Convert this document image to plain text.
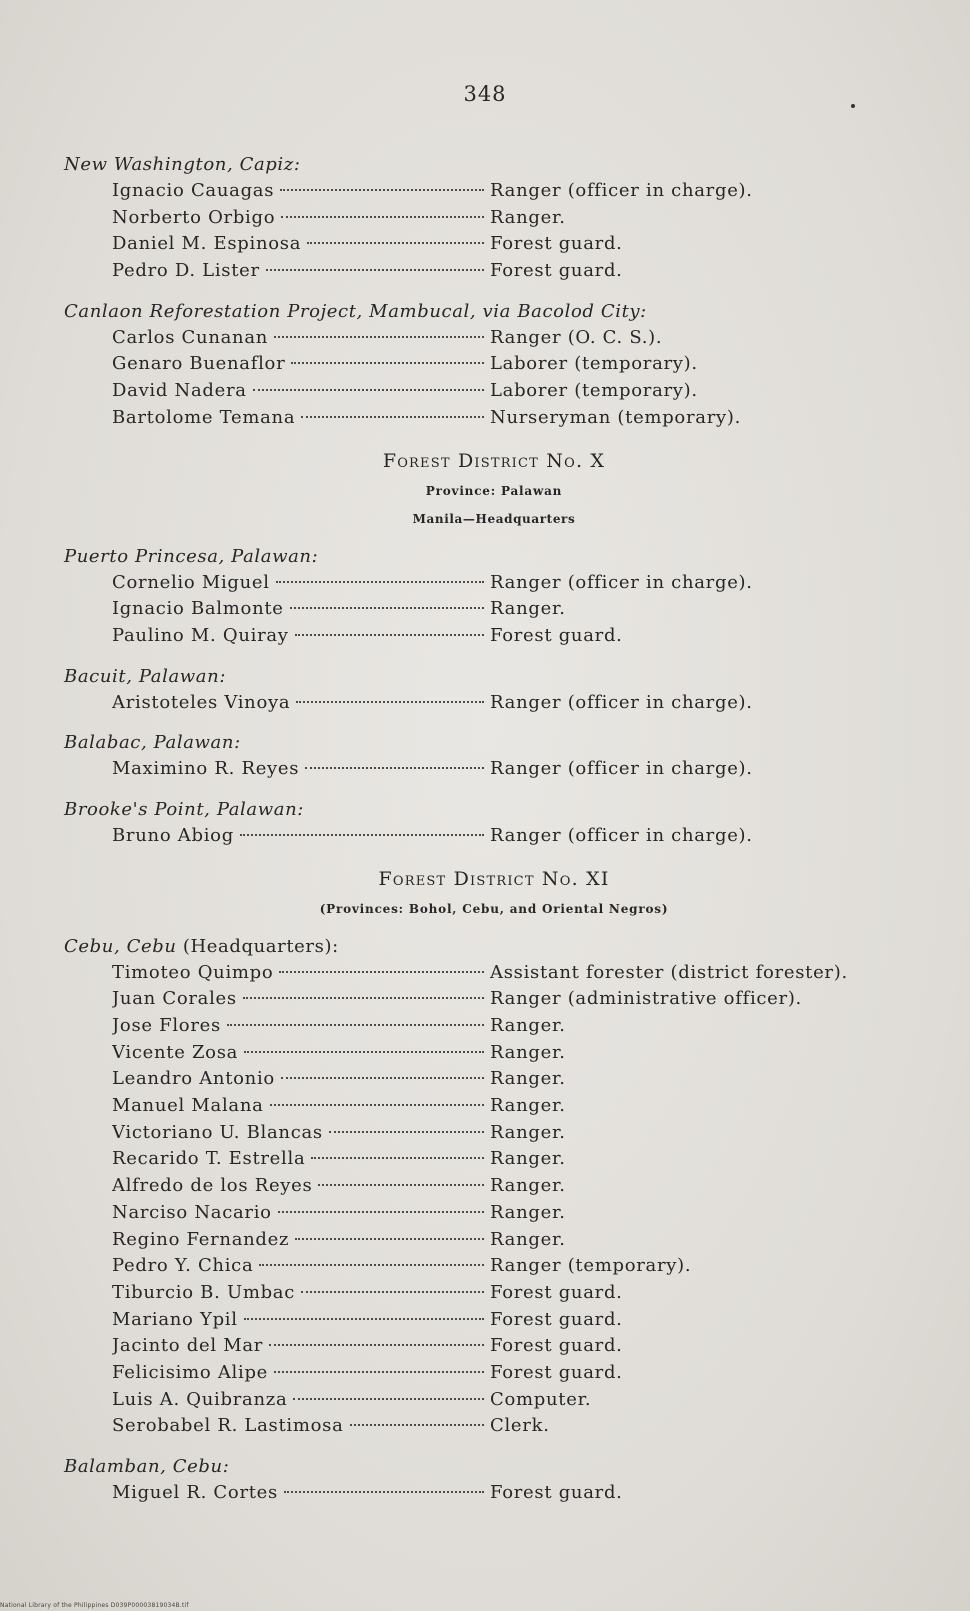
348
New Washington, Capiz:
Ignacio Cauagas	Ranger (officer in charge).
Norberto Orbigo	Ranger.
Daniel M. Espinosa	Forest guard.
Pedro D. Lister	Forest guard.
Canlaon Reforestation Project, Mambucal, via Bacolod City:
Carlos Cunanan	Ranger (O. C. S.).
Genaro Buenaflor	Laborer (temporary).
David Nadera	Laborer (temporary).
Bartolome Temana	Nurseryman (temporary).
Forest District No. X
Province: Palawan
Manila—Headquarters
Puerto Princesa, Palawan:
Cornelio Miguel	Ranger (officer in charge).
Ignacio Balmonte	Ranger.
Paulino M. Quiray	Forest guard.
Bacuit, Palawan:
Aristoteles Vinoya	Ranger (officer in charge).
Balabac, Palawan:
Maximino R. Reyes	Ranger (officer in charge).
Brooke's Point, Palawan:
Bruno Abiog	Ranger (officer in charge).
Forest District No. XI
(Provinces: Bohol, Cebu, and Oriental Negros)
Cebu, Cebu (Headquarters):
Timoteo Quimpo	Assistant forester (district forester).
Juan Corales	Ranger (administrative officer).
Jose Flores	Ranger.
Vicente Zosa	Ranger.
Leandro Antonio	Ranger.
Manuel Malana	Ranger.
Victoriano U. Blancas	Ranger.
Recarido T. Estrella	Ranger.
Alfredo de los Reyes	Ranger.
Narciso Nacario	Ranger.
Regino Fernandez	Ranger.
Pedro Y. Chica	Ranger (temporary).
Tiburcio B. Umbac	Forest guard.
Mariano Ypil	Forest guard.
Jacinto del Mar	Forest guard.
Felicisimo Alipe	Forest guard.
Luis A. Quibranza	Computer.
Serobabel R. Lastimosa	Clerk.
Balamban, Cebu:
Miguel R. Cortes	Forest guard.
National Library of the Philippines D039P00003819034B.tif
